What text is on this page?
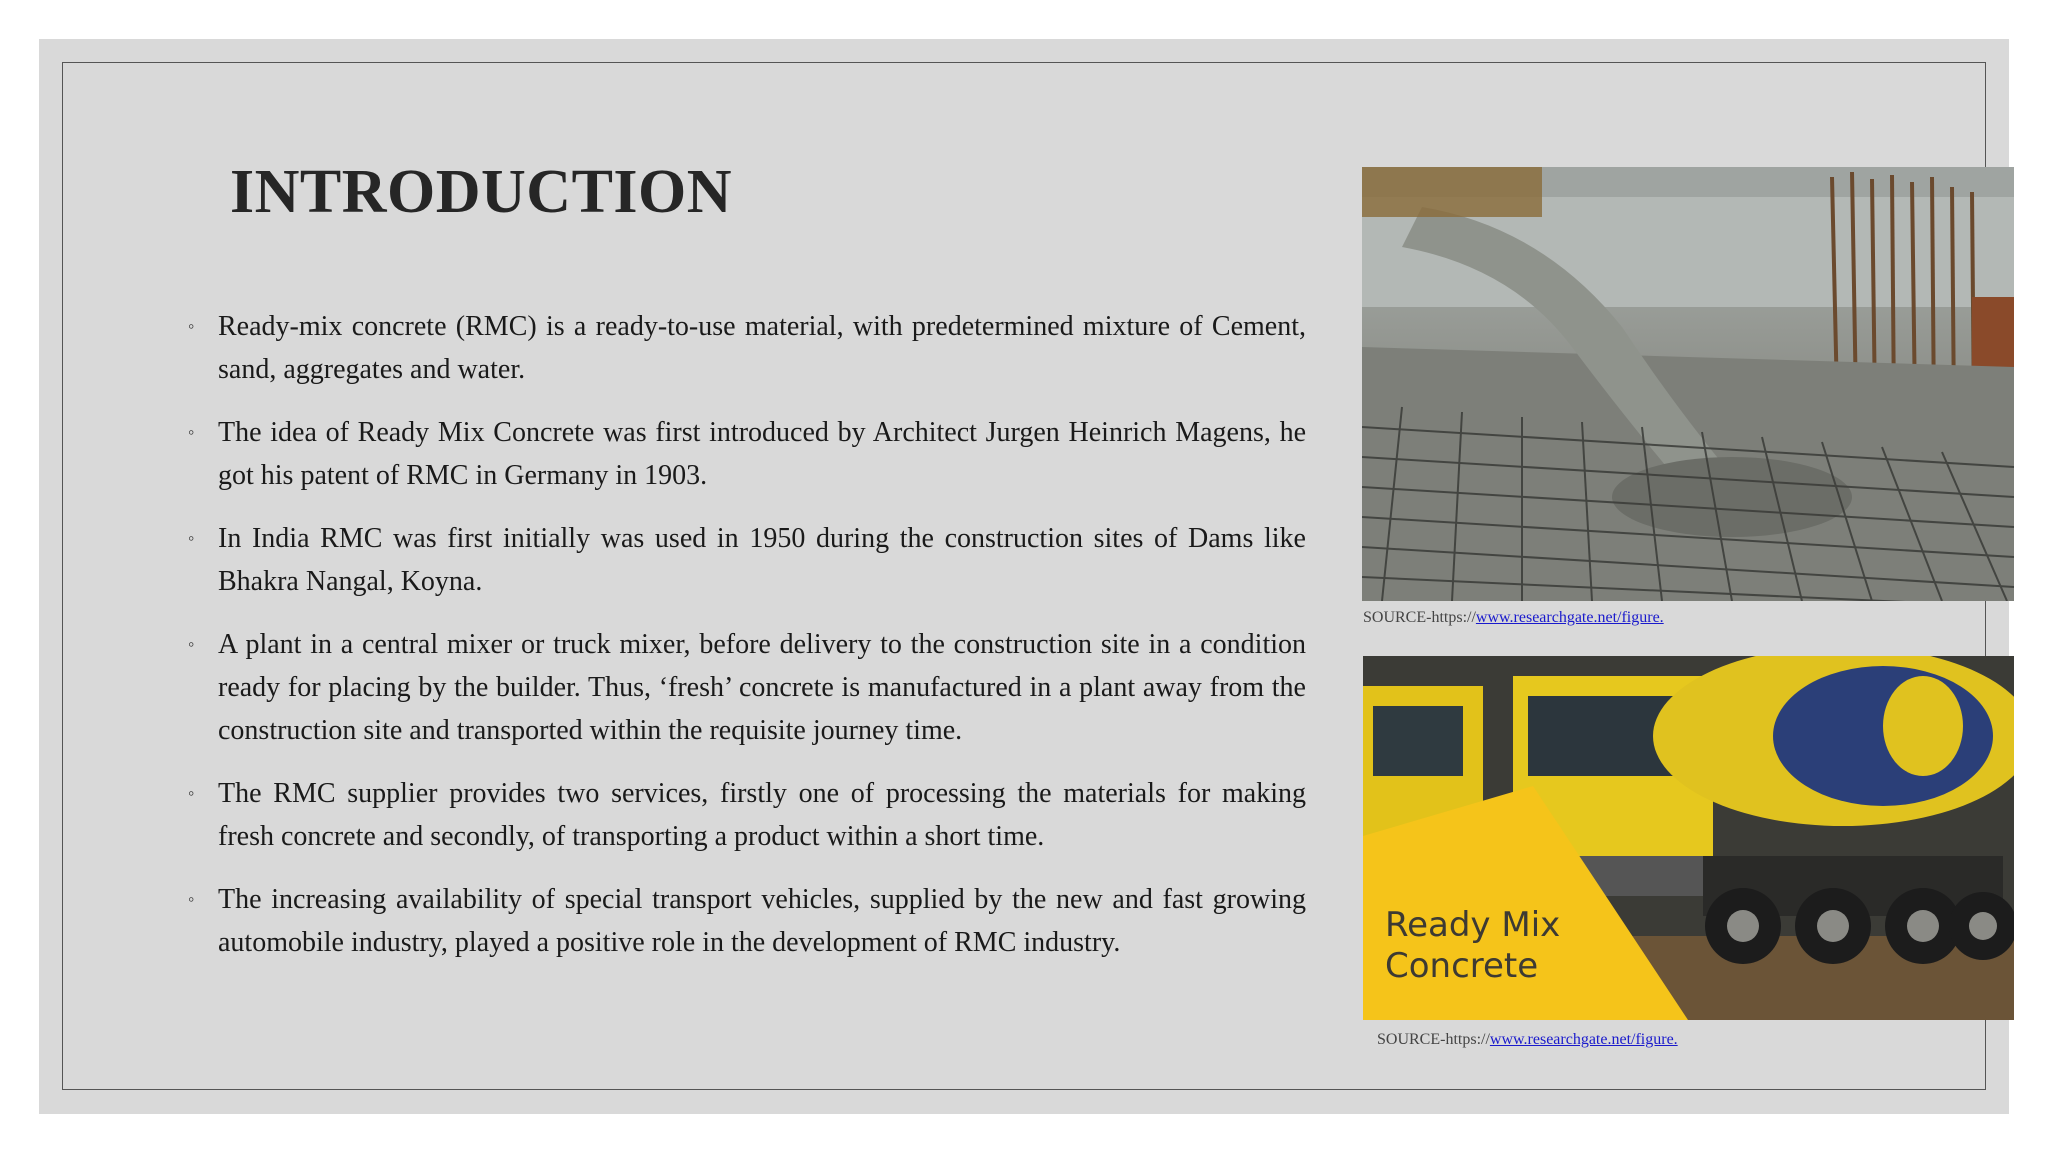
INTRODUCTION
◦ Ready-mix concrete (RMC) is a ready-to-use material, with predetermined mixture of Cement, sand, aggregates and water.
◦ The idea of Ready Mix Concrete was first introduced by Architect Jurgen Heinrich Magens, he got his patent of RMC in Germany in 1903.
◦ In India RMC was first initially was used in 1950 during the construction sites of Dams like Bhakra Nangal, Koyna.
◦ A plant in a central mixer or truck mixer, before delivery to the construction site in a condition ready for placing by the builder. Thus, ‘fresh’ concrete is manufactured in a plant away from the construction site and transported within the requisite journey time.
◦ The RMC supplier provides two services, firstly one of processing the materials for making fresh concrete and secondly, of transporting a product within a short time.
◦ The increasing availability of special transport vehicles, supplied by the new and fast growing automobile industry, played a positive role in the development of RMC industry.
SOURCE-https://www.researchgate.net/figure.
Ready Mix
Concrete
SOURCE-https://www.researchgate.net/figure.
